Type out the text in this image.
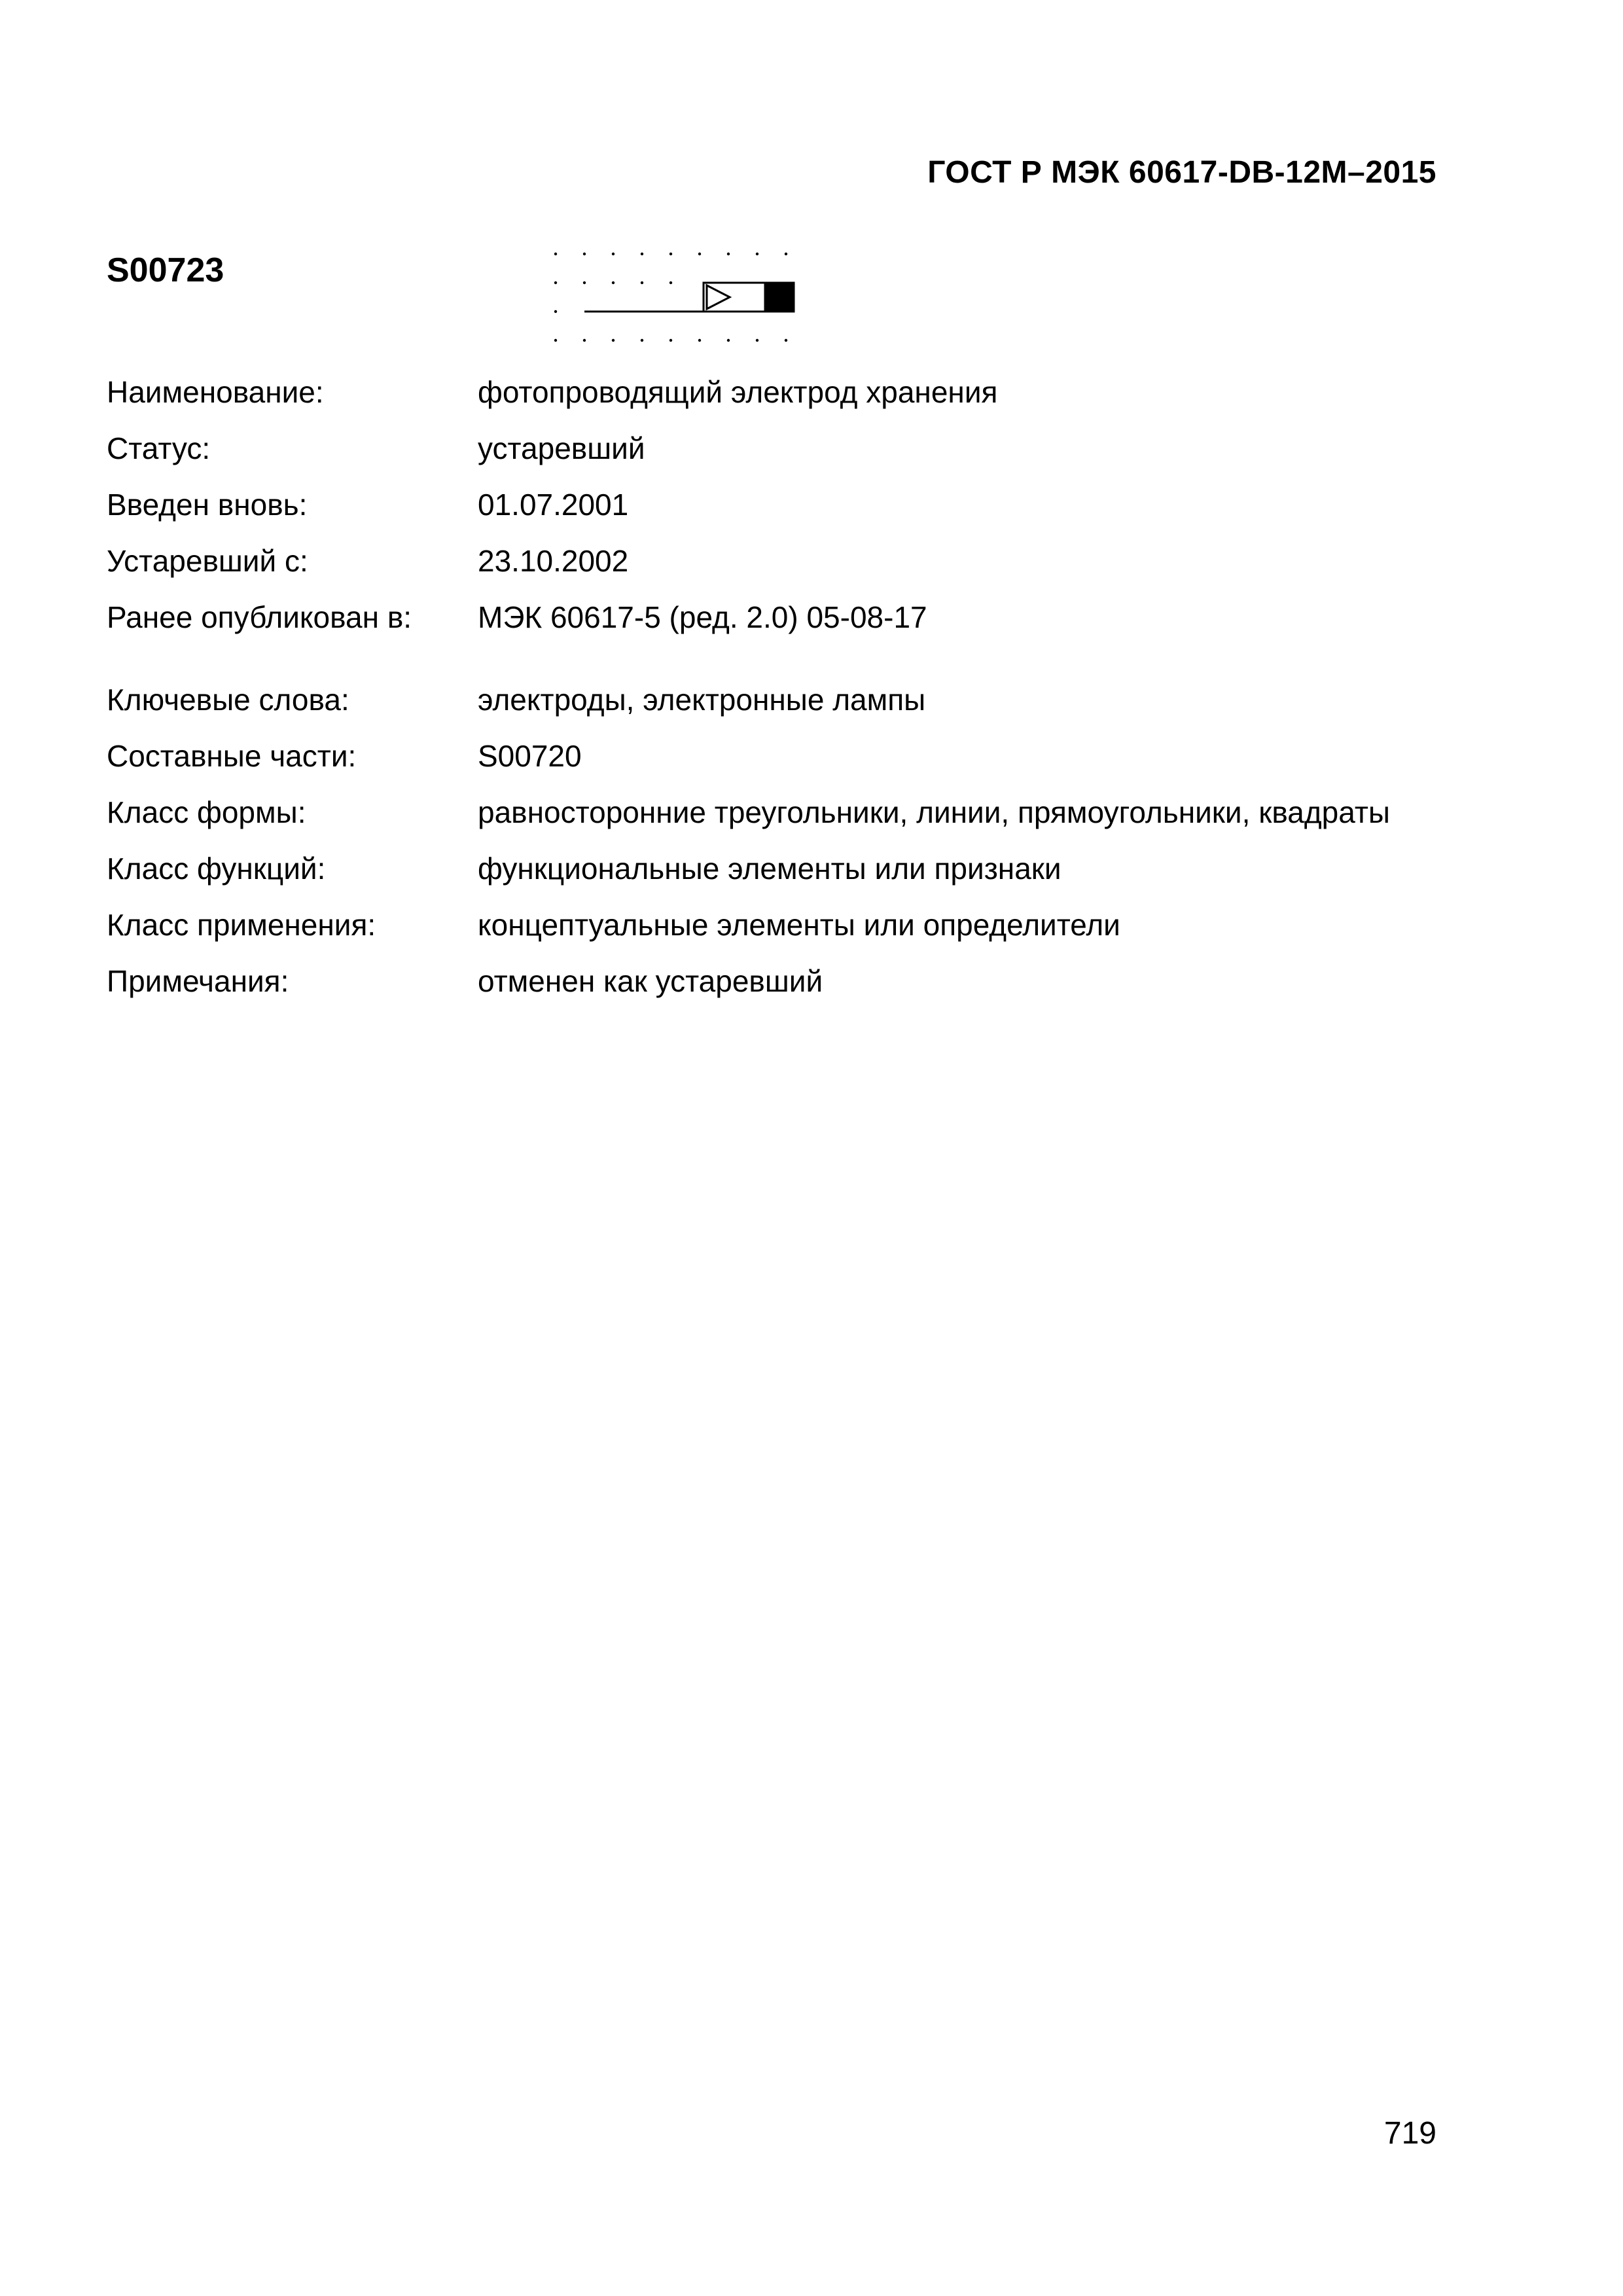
ГОСТ Р МЭК 60617-DB-12M–2015
S00723
Наименование:	фотопроводящий электрод хранения
Статус:	устаревший
Введен вновь:	01.07.2001
Устаревший с:	23.10.2002
Ранее опубликован в:	МЭК 60617-5 (ред. 2.0) 05-08-17
Ключевые слова:	электроды, электронные лампы
Составные части:	S00720
Класс формы:	равносторонние треугольники, линии, прямоугольники, квадраты
Класс функций:	функциональные элементы или признаки
Класс применения:	концептуальные элементы или определители
Примечания:	отменен как устаревший
719
